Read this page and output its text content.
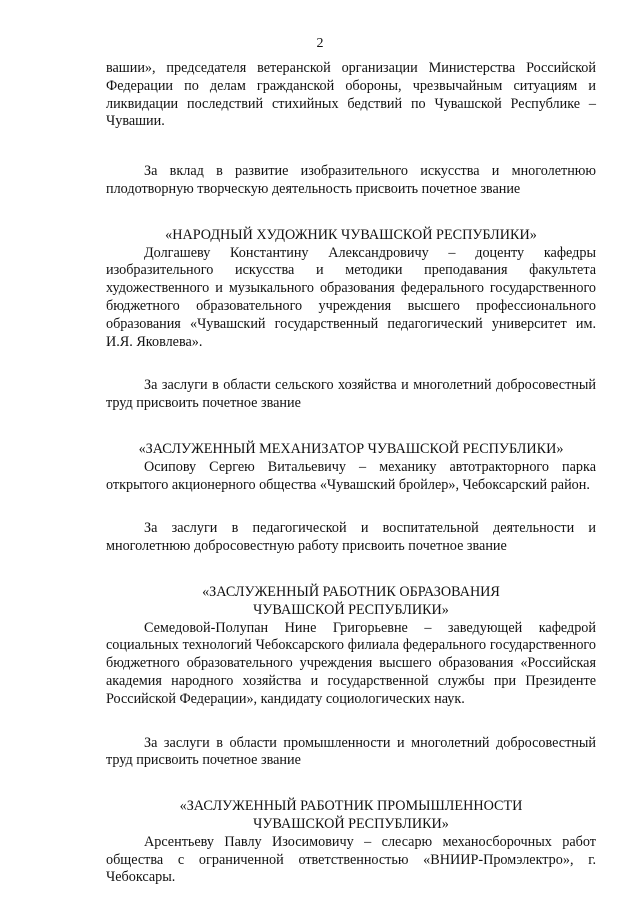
2

вашии», председателя ветеранской организации Министерства Российской Федерации по делам гражданской обороны, чрезвычайным ситуациям и ликвидации последствий стихийных бедствий по Чувашской Республике – Чувашии.

За вклад в развитие изобразительного искусства и многолетнюю плодотворную творческую деятельность присвоить почетное звание

«НАРОДНЫЙ ХУДОЖНИК ЧУВАШСКОЙ РЕСПУБЛИКИ»

Долгашеву Константину Александровичу – доценту кафедры изобразительного искусства и методики преподавания факультета художественного и музыкального образования федерального государственного бюджетного образовательного учреждения высшего профессионального образования «Чувашский государственный педагогический университет им. И.Я. Яковлева».

За заслуги в области сельского хозяйства и многолетний добросовестный труд присвоить почетное звание

«ЗАСЛУЖЕННЫЙ МЕХАНИЗАТОР ЧУВАШСКОЙ РЕСПУБЛИКИ»

Осипову Сергею Витальевичу – механику автотракторного парка открытого акционерного общества «Чувашский бройлер», Чебоксарский район.

За заслуги в педагогической и воспитательной деятельности и многолетнюю добросовестную работу присвоить почетное звание

«ЗАСЛУЖЕННЫЙ РАБОТНИК ОБРАЗОВАНИЯ
ЧУВАШСКОЙ РЕСПУБЛИКИ»

Семедовой-Полупан Нине Григорьевне – заведующей кафедрой социальных технологий Чебоксарского филиала федерального государственного бюджетного образовательного учреждения высшего образования «Российская академия народного хозяйства и государственной службы при Президенте Российской Федерации», кандидату социологических наук.

За заслуги в области промышленности и многолетний добросовестный труд присвоить почетное звание

«ЗАСЛУЖЕННЫЙ РАБОТНИК ПРОМЫШЛЕННОСТИ
ЧУВАШСКОЙ РЕСПУБЛИКИ»

Арсентьеву Павлу Изосимовичу – слесарю механосборочных работ общества с ограниченной ответственностью «ВНИИР-Промэлектро», г. Чебоксары.
